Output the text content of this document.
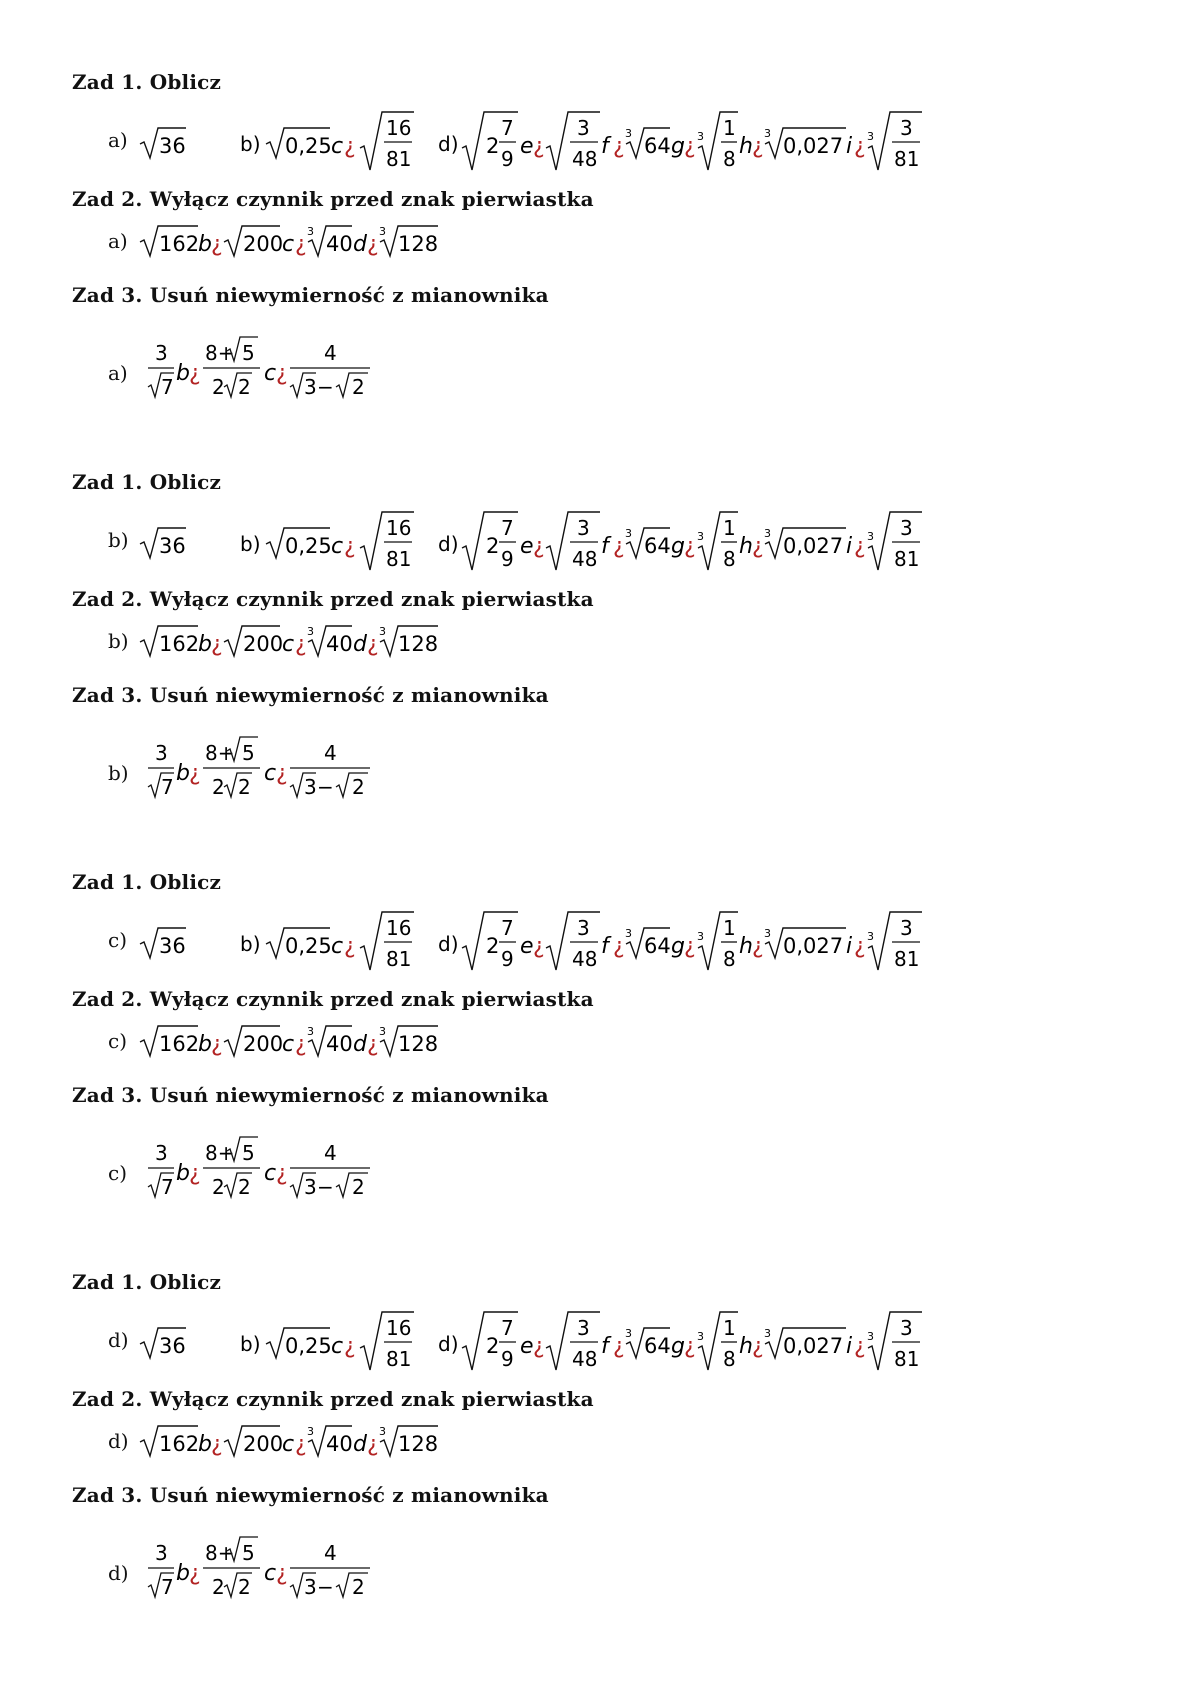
Zad 1. Oblicz
a) 36	b) 0,25 c ¿
16
81
d) 2
7
9 e ¿
3
48 f ¿
3
64 g ¿ 3 1
8 h ¿
3
0,027 i ¿ 3 3
81
Zad 2. Wyłącz czynnik przed znak pierwiastka
a) 162
b ¿ 200
c ¿
3
40 d ¿
3
128
Zad 3. Usuń niewymierność z mianownika
a)
3
7
b ¿
8+ 5
2 2
c ¿
4
3 − 2
Zad 1. Oblicz
b) 36	b) 0,25 c ¿
16
81
d) 2
7
9 e ¿
3
48 f ¿
3
64 g ¿ 3 1
8 h ¿
3
0,027 i ¿ 3 3
81
Zad 2. Wyłącz czynnik przed znak pierwiastka
b) 162
b ¿ 200
c ¿
3
40 d ¿
3
128
Zad 3. Usuń niewymierność z mianownika
b)
3
7
b ¿
8+ 5
2 2
c ¿
4
3 − 2
Zad 1. Oblicz
c) 36	b) 0,25 c ¿
16
81
d) 2
7
9 e ¿
3
48 f ¿
3
64 g ¿ 3 1
8 h ¿
3
0,027 i ¿ 3 3
81
Zad 2. Wyłącz czynnik przed znak pierwiastka
c) 162
b ¿ 200
c ¿
3
40 d ¿
3
128
Zad 3. Usuń niewymierność z mianownika
c)
3
7
b ¿
8+ 5
2 2
c ¿
4
3 − 2
Zad 1. Oblicz
d) 36	b) 0,25 c ¿
16
81
d) 2
7
9 e ¿
3
48 f ¿
3
64 g ¿ 3 1
8 h ¿
3
0,027 i ¿ 3 3
81
Zad 2. Wyłącz czynnik przed znak pierwiastka
d) 162
b ¿ 200
c ¿
3
40 d ¿
3
128
Zad 3. Usuń niewymierność z mianownika
d)
3
7
b ¿
8+ 5
2 2
c ¿
4
3 − 2
